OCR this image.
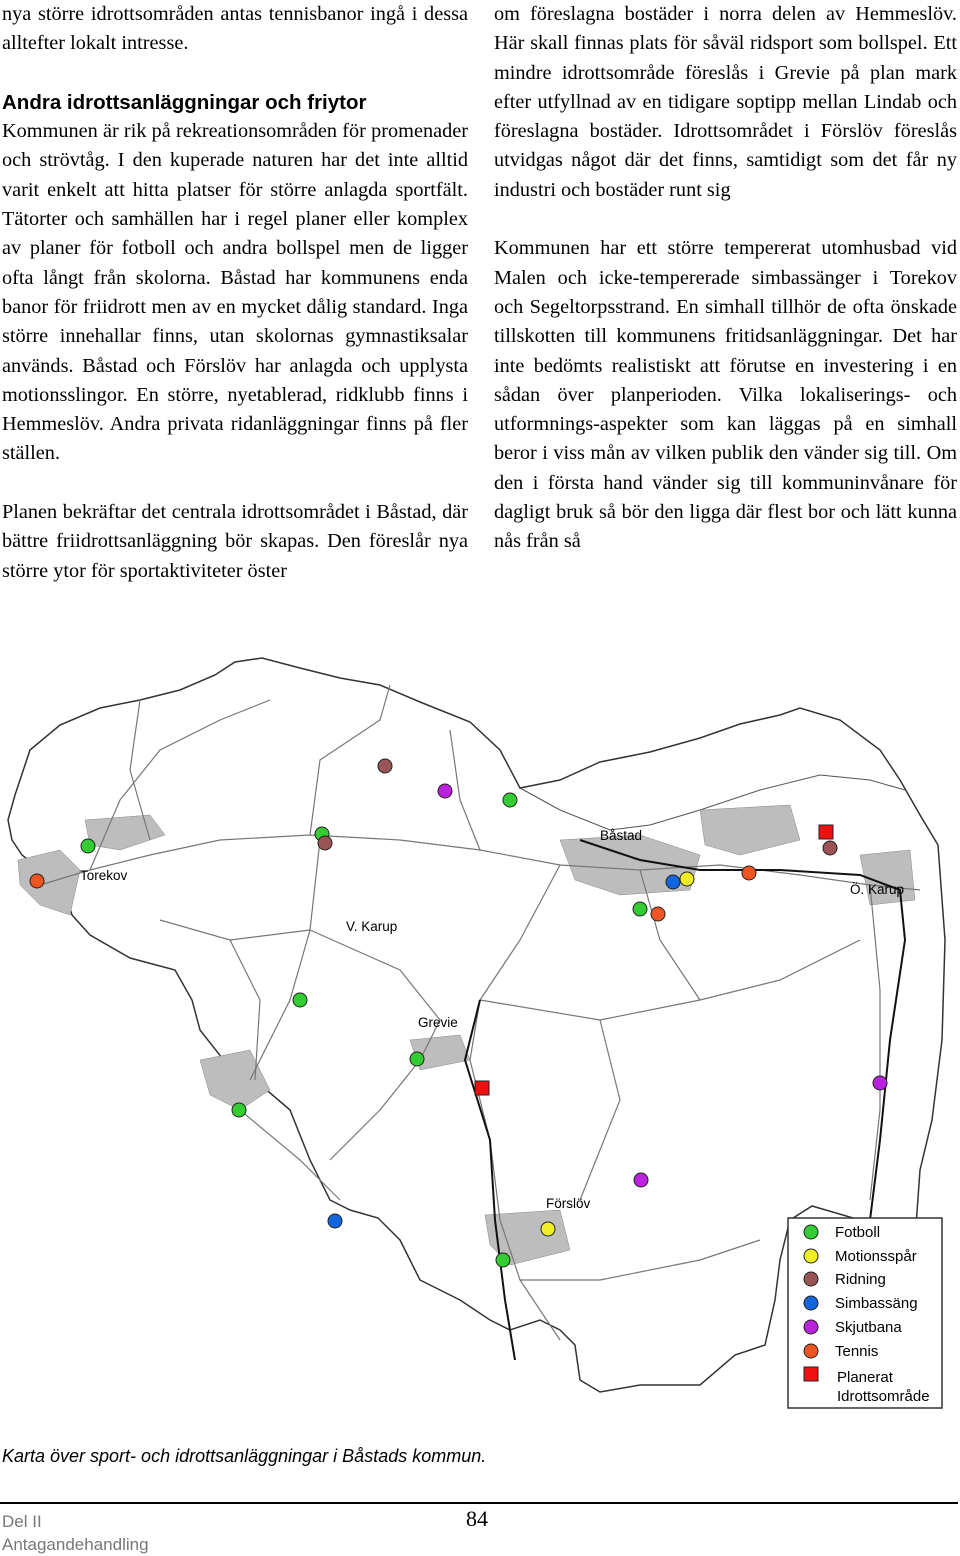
nya större idrottsområden antas tennisbanor ingå i dessa alltefter lokalt intresse.

Andra idrottsanläggningar och friytor

Kommunen är rik på rekreationsområden för promenader och strövtåg. I den kuperade naturen har det inte alltid varit enkelt att hitta platser för större anlagda sportfält. Tätorter och samhällen har i regel planer eller komplex av planer för fotboll och andra bollspel men de ligger ofta långt från skolorna. Båstad har kommunens enda banor för friidrott men av en mycket dålig standard. Inga större innehallar finns, utan skolornas gymnastiksalar används. Båstad och Förslöv har anlagda och upplysta motionsslingor. En större, nyetablerad, ridklubb finns i Hemmeslöv. Andra privata ridanläggningar finns på fler ställen.

Planen bekräftar det centrala idrottsområdet i Båstad, där bättre friidrottsanläggning bör skapas. Den föreslår nya större ytor för sportaktiviteter öster

om föreslagna bostäder i norra delen av Hemmeslöv. Här skall finnas plats för såväl ridsport som bollspel. Ett mindre idrottsområde föreslås i Grevie på plan mark efter utfyllnad av en tidigare soptipp mellan Lindab och föreslagna bostäder. Idrottsområdet i Förslöv föreslås utvidgas något där det finns, samtidigt som det får ny industri och bostäder runt sig

Kommunen har ett större tempererat utomhusbad vid Malen och icke-tempererade simbassänger i Torekov och Segeltorpsstrand. En simhall tillhör de ofta önskade tillskotten till kommunens fritidsanläggningar. Det har inte bedömts realistiskt att förutse en investering i en sådan över planperioden. Vilka lokaliserings- och utformnings-aspekter som kan läggas på en simhall beror i viss mån av vilken publik den vänder sig till. Om den i första hand vänder sig till kommuninvånare för dagligt bruk så bör den ligga där flest bor och lätt kunna nås från så

Torekov
Båstad
V. Karup
Ö. Karup
Grevie
Förslöv
Fotboll
Motionsspår
Ridning
Simbassäng
Skjutbana
Tennis
Planerat
Idrottsområde
Karta över sport- och idrottsanläggningar i Båstads kommun.
Del II
Antagandehandling
84
